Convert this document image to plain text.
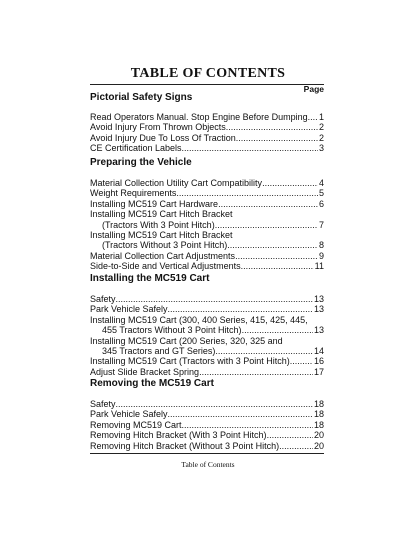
TABLE OF CONTENTS
Page
Pictorial Safety Signs
Read Operators Manual. Stop Engine Before Dumping ..... 1
Avoid Injury From Thrown Objects .....	2
Avoid Injury Due To Loss Of Traction .....	2
CE Certification Labels .....	3
Preparing the Vehicle
Material Collection Utility Cart Compatibility .....	4
Weight Requirements .....	5
Installing MC519 Cart Hardware .....	6
Installing MC519 Cart Hitch Bracket
(Tractors With 3 Point Hitch) .....	7
Installing MC519 Cart Hitch Bracket
(Tractors Without 3 Point Hitch) .....	8
Material Collection Cart Adjustments .....	9
Side-to-Side and Vertical Adjustments .....	11
Installing the MC519 Cart
Safety .....	13
Park Vehicle Safely .....	13
Installing MC519 Cart (300, 400 Series, 415, 425, 445,
455 Tractors Without 3 Point Hitch) .....	13
Installing MC519 Cart (200 Series, 320, 325 and
345 Tractors and GT Series) .....	14
Installing MC519 Cart (Tractors with 3 Point Hitch) .....	16
Adjust Slide Bracket Spring .....	17
Removing the MC519 Cart
Safety .....	18
Park Vehicle Safely .....	18
Removing MC519 Cart .....	18
Removing Hitch Bracket (With 3 Point Hitch) .....	20
Removing Hitch Bracket (Without 3 Point Hitch) .....	20
Table of Contents
